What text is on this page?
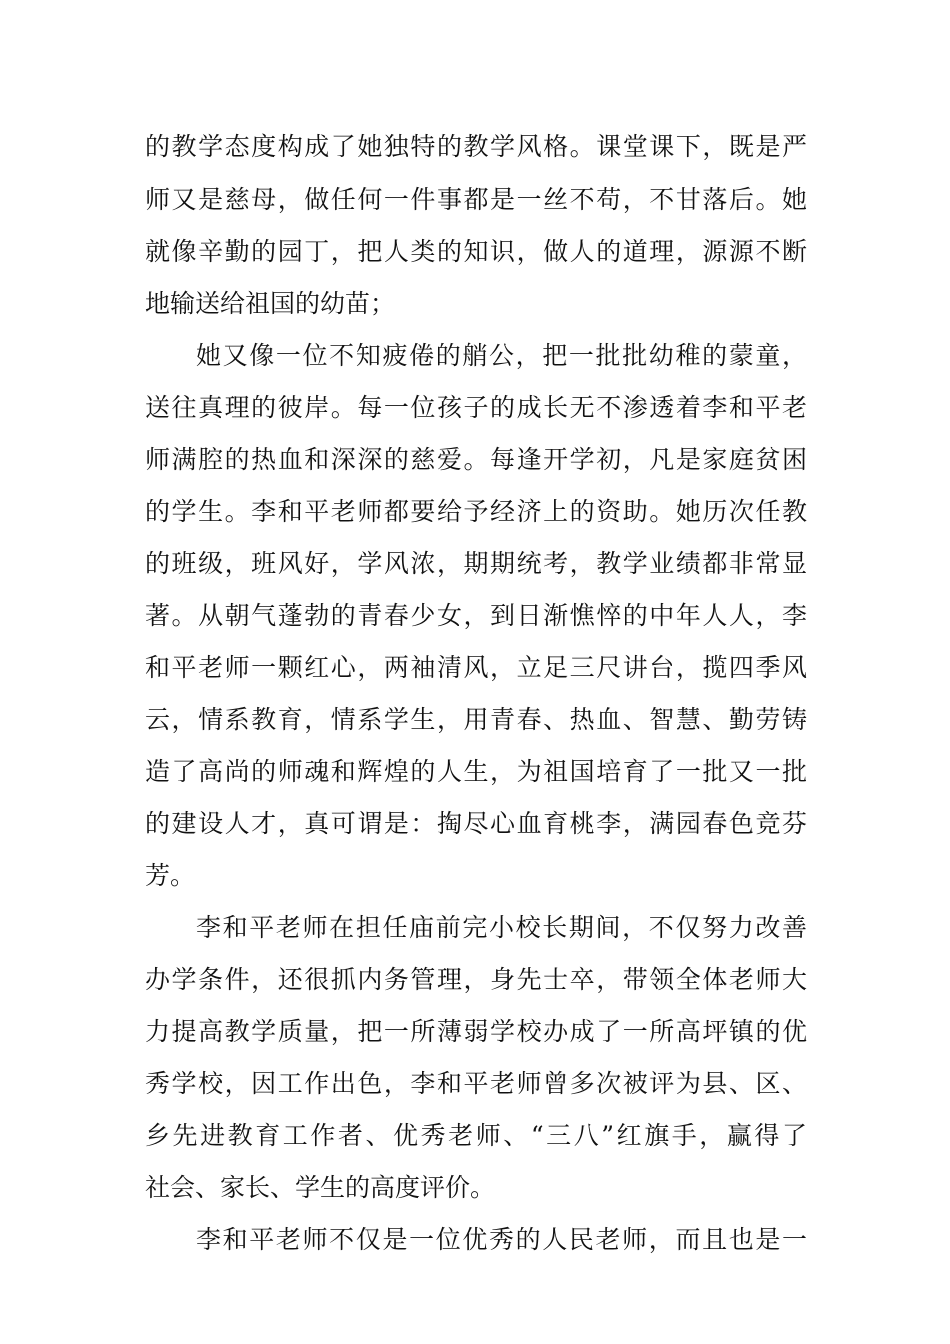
的教学态度构成了她独特的教学风格。课堂课下，既是严
师又是慈母，做任何一件事都是一丝不苟，不甘落后。她
就像辛勤的园丁，把人类的知识，做人的道理，源源不断
地输送给祖国的幼苗；
她又像一位不知疲倦的艄公，把一批批幼稚的蒙童，
送往真理的彼岸。每一位孩子的成长无不渗透着李和平老
师满腔的热血和深深的慈爱。每逢开学初，凡是家庭贫困
的学生。李和平老师都要给予经济上的资助。她历次任教
的班级，班风好，学风浓，期期统考，教学业绩都非常显
著。从朝气蓬勃的青春少女，到日渐憔悴的中年人人，李
和平老师一颗红心，两袖清风，立足三尺讲台，揽四季风
云，情系教育，情系学生，用青春、热血、智慧、勤劳铸
造了高尚的师魂和辉煌的人生，为祖国培育了一批又一批
的建设人才，真可谓是：掏尽心血育桃李，满园春色竞芬
芳。
李和平老师在担任庙前完小校长期间，不仅努力改善
办学条件，还很抓内务管理，身先士卒，带领全体老师大
力提高教学质量，把一所薄弱学校办成了一所高坪镇的优
秀学校，因工作出色，李和平老师曾多次被评为县、区、
乡先进教育工作者、优秀老师、“三八”红旗手，赢得了
社会、家长、学生的高度评价。
李和平老师不仅是一位优秀的人民老师，而且也是一
